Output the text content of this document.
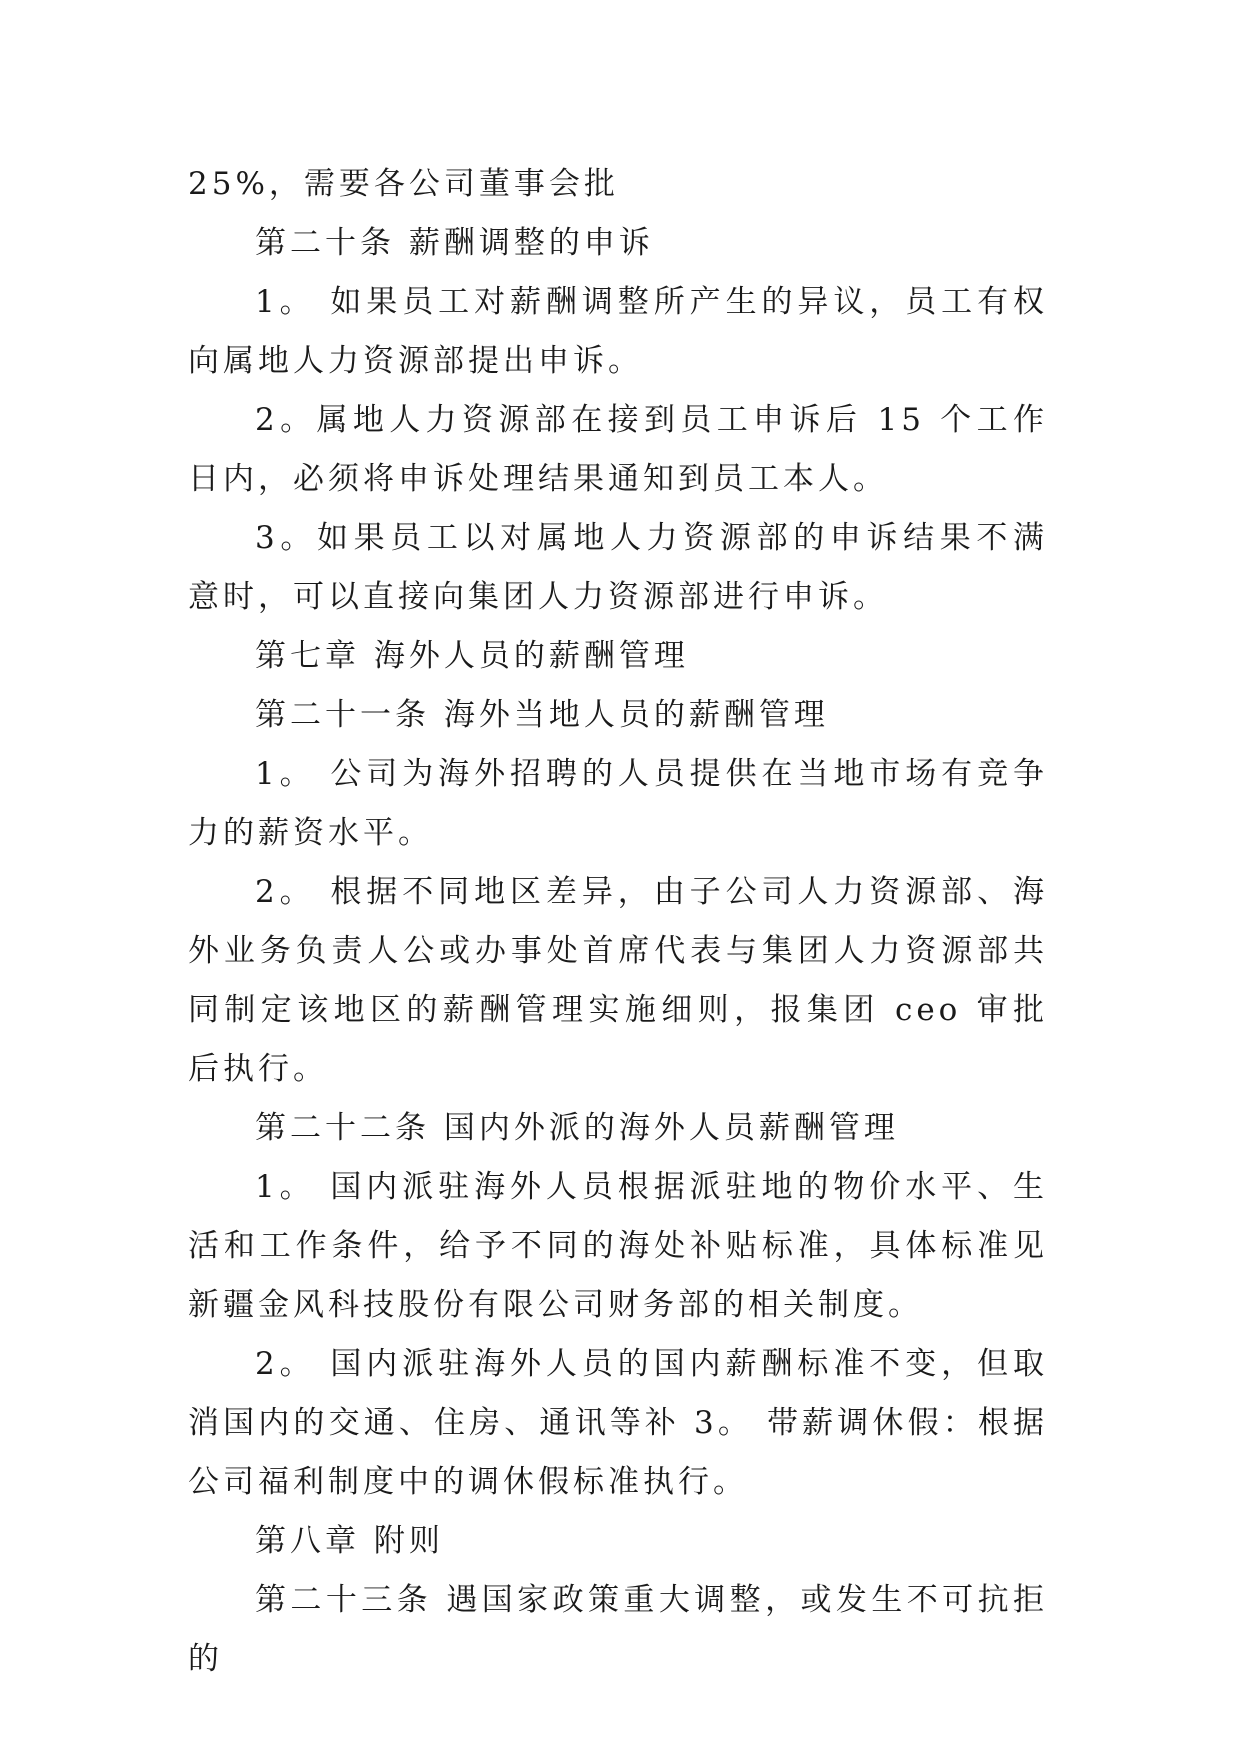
25%，需要各公司董事会批

第二十条 薪酬调整的申诉

1。 如果员工对薪酬调整所产生的异议，员工有权向属地人力资源部提出申诉。

2。属地人力资源部在接到员工申诉后 15 个工作日内，必须将申诉处理结果通知到员工本人。

3。如果员工以对属地人力资源部的申诉结果不满意时，可以直接向集团人力资源部进行申诉。

第七章 海外人员的薪酬管理

第二十一条 海外当地人员的薪酬管理

1。 公司为海外招聘的人员提供在当地市场有竞争力的薪资水平。

2。 根据不同地区差异，由子公司人力资源部、海外业务负责人公或办事处首席代表与集团人力资源部共同制定该地区的薪酬管理实施细则，报集团 ceo 审批后执行。

第二十二条 国内外派的海外人员薪酬管理

1。 国内派驻海外人员根据派驻地的物价水平、生活和工作条件，给予不同的海处补贴标准，具体标准见新疆金风科技股份有限公司财务部的相关制度。

2。 国内派驻海外人员的国内薪酬标准不变，但取消国内的交通、住房、通讯等补 3。 带薪调休假：根据公司福利制度中的调休假标准执行。

第八章 附则

第二十三条 遇国家政策重大调整，或发生不可抗拒的
